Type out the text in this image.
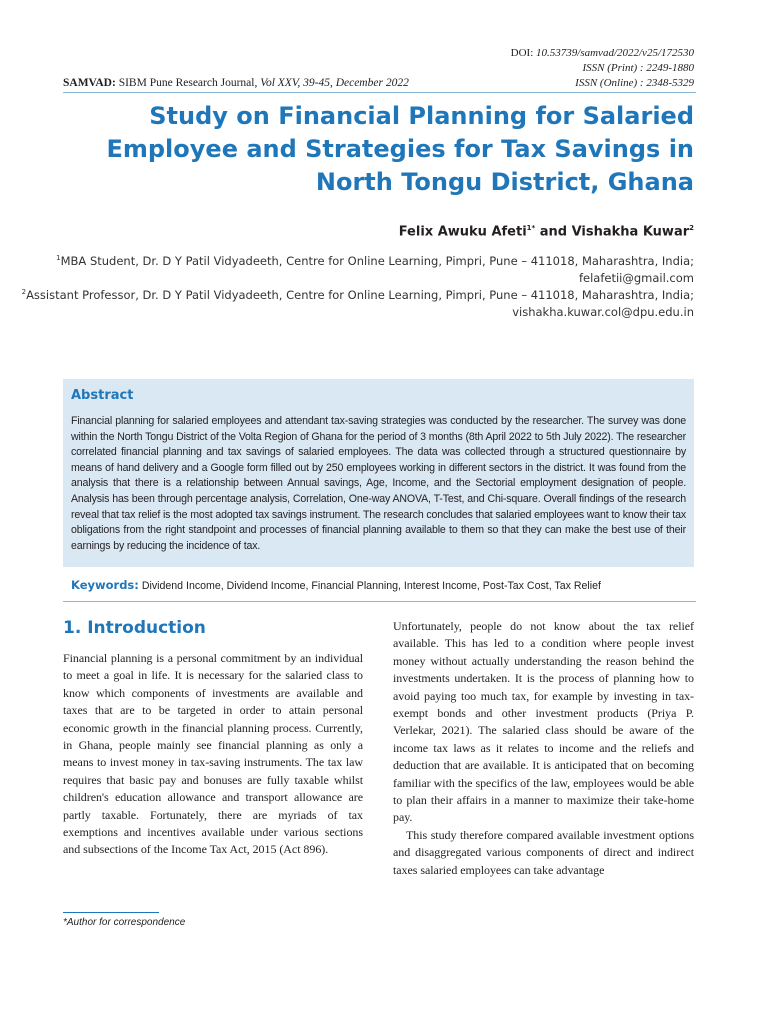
DOI: 10.53739/samvad/2022/v25/172530
ISSN (Print) : 2249-1880
ISSN (Online) : 2348-5329
SAMVAD: SIBM Pune Research Journal, Vol XXV, 39-45, December 2022
Study on Financial Planning for Salaried Employee and Strategies for Tax Savings in North Tongu District, Ghana
Felix Awuku Afeti$^{1*}$ and Vishakha Kuwar$^2$
$^1$MBA Student, Dr. D Y Patil Vidyadeeth, Centre for Online Learning, Pimpri, Pune – 411018, Maharashtra, India;
felafetii@gmail.com
$^2$Assistant Professor, Dr. D Y Patil Vidyadeeth, Centre for Online Learning, Pimpri, Pune – 411018, Maharashtra, India;
vishakha.kuwar.col@dpu.edu.in
Abstract
Financial planning for salaried employees and attendant tax-saving strategies was conducted by the researcher. The survey was done within the North Tongu District of the Volta Region of Ghana for the period of 3 months (8th April 2022 to 5th July 2022). The researcher correlated financial planning and tax savings of salaried employees. The data was collected through a structured questionnaire by means of hand delivery and a Google form filled out by 250 employees working in different sectors in the district. It was found from the analysis that there is a relationship between Annual savings, Age, Income, and the Sectorial employment designation of people. Analysis has been through percentage analysis, Correlation, One-way ANOVA, T-Test, and Chi-square. Overall findings of the research reveal that tax relief is the most adopted tax savings instrument. The research concludes that salaried employees want to know their tax obligations from the right standpoint and processes of financial planning available to them so that they can make the best use of their earnings by reducing the incidence of tax.
Keywords: Dividend Income, Dividend Income, Financial Planning, Interest Income, Post-Tax Cost, Tax Relief
1. Introduction

Financial planning is a personal commitment by an individual to meet a goal in life. It is necessary for the salaried class to know which components of investments are available and taxes that are to be targeted in order to attain personal economic growth in the financial planning process. Currently, in Ghana, people mainly see financial planning as only a means to invest money in tax-saving instruments. The tax law requires that basic pay and bonuses are fully taxable whilst children's education allowance and transport allowance are partly taxable. Fortunately, there are myriads of tax exemptions and incentives available under various sections and subsections of the Income Tax Act, 2015 (Act 896).

Unfortunately, people do not know about the tax relief available. This has led to a condition where people invest money without actually understanding the reason behind the investments undertaken. It is the process of planning how to avoid paying too much tax, for example by investing in tax-exempt bonds and other investment products (Priya P. Verlekar, 2021). The salaried class should be aware of the income tax laws as it relates to income and the reliefs and deduction that are available. It is anticipated that on becoming familiar with the specifics of the law, employees would be able to plan their affairs in a manner to maximize their take-home pay.

This study therefore compared available investment options and disaggregated various components of direct and indirect taxes salaried employees can take advantage

*Author for correspondence
